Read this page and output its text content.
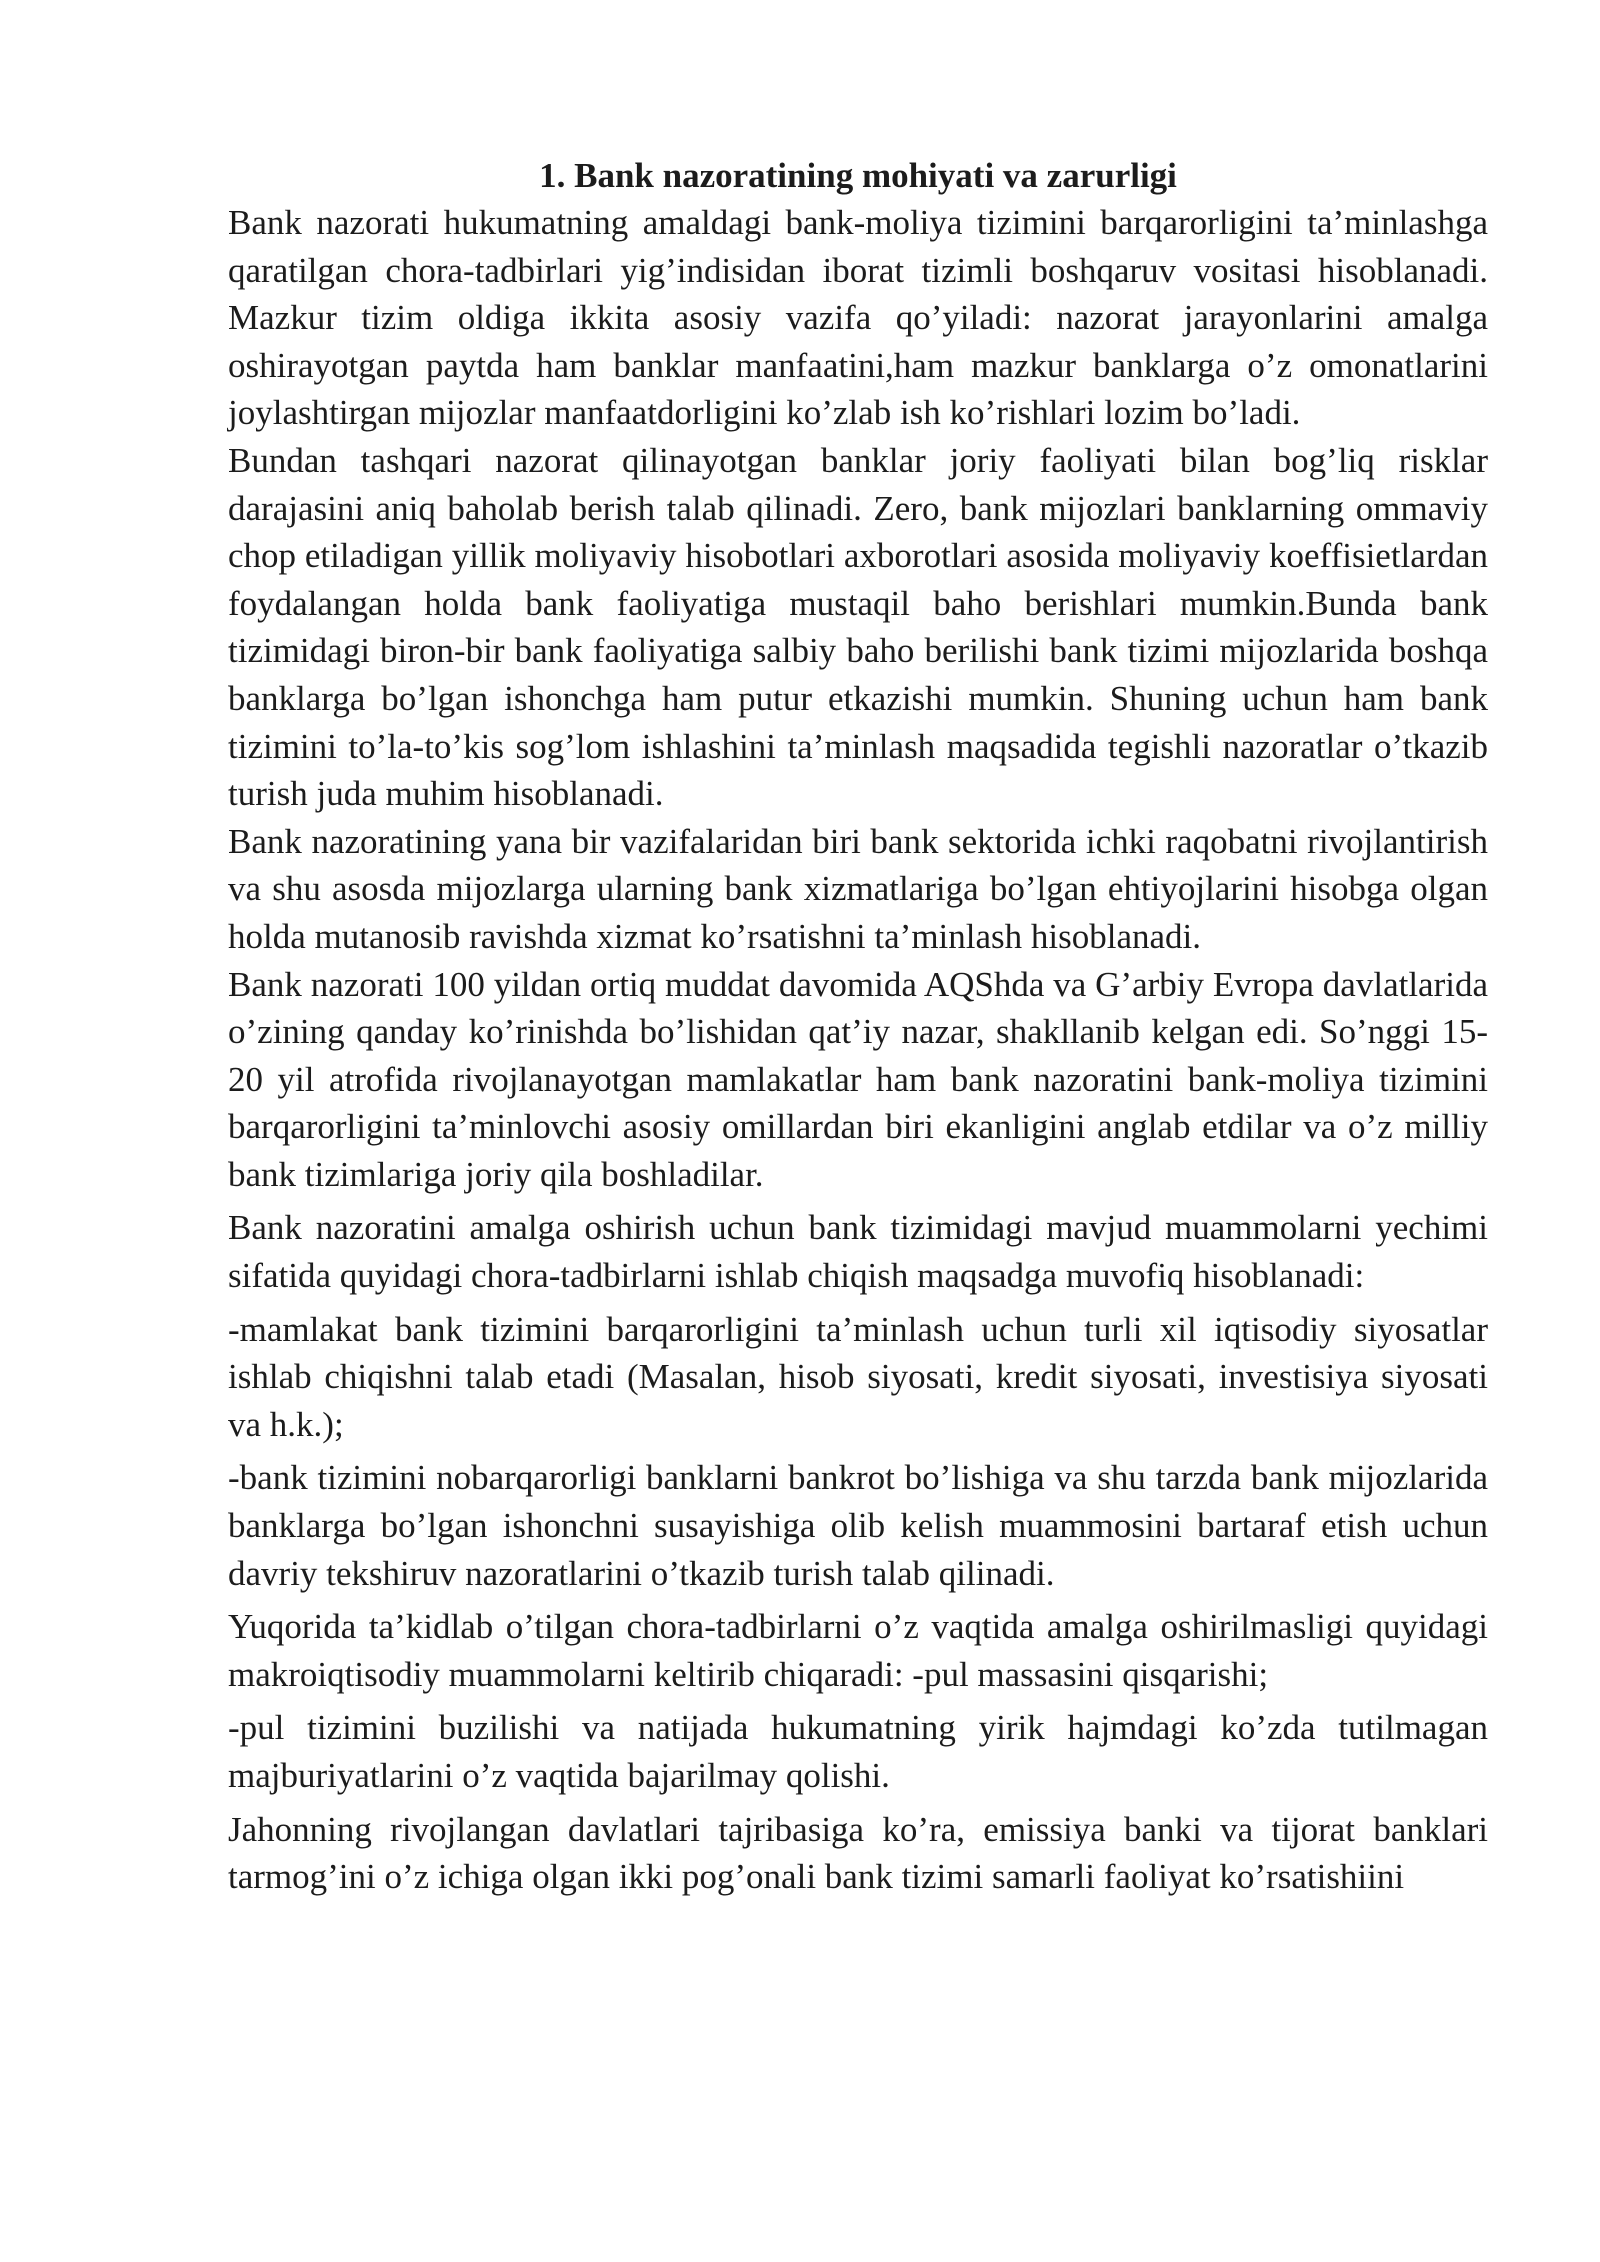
1. Bank nazoratining mohiyati va zarurligi

Bank nazorati hukumatning amaldagi bank-moliya tizimini barqarorligini ta’minlashga qaratilgan chora-tadbirlari yig’indisidan iborat tizimli boshqaruv vositasi hisoblanadi. Mazkur tizim oldiga ikkita asosiy vazifa qo’yiladi: nazorat jarayonlarini amalga oshirayotgan paytda ham banklar manfaatini,ham mazkur banklarga o’z omonatlarini joylashtirgan mijozlar manfaatdorligini ko’zlab ish ko’rishlari lozim bo’ladi.

Bundan tashqari nazorat qilinayotgan banklar joriy faoliyati bilan bog’liq risklar darajasini aniq baholab berish talab qilinadi. Zero, bank mijozlari banklarning ommaviy chop etiladigan yillik moliyaviy hisobotlari axborotlari asosida moliyaviy koeffisietlardan foydalangan holda bank faoliyatiga mustaqil baho berishlari mumkin.Bunda bank tizimidagi biron-bir bank faoliyatiga salbiy baho berilishi bank tizimi mijozlarida boshqa banklarga bo’lgan ishonchga ham putur etkazishi mumkin. Shuning uchun ham bank tizimini to’la-to’kis sog’lom ishlashini ta’minlash maqsadida tegishli nazoratlar o’tkazib turish juda muhim hisoblanadi.

Bank nazoratining yana bir vazifalaridan biri bank sektorida ichki raqobatni rivojlantirish va shu asosda mijozlarga ularning bank xizmatlariga bo’lgan ehtiyojlarini hisobga olgan holda mutanosib ravishda xizmat ko’rsatishni ta’minlash hisoblanadi.

Bank nazorati 100 yildan ortiq muddat davomida AQShda va G’arbiy Evropa davlatlarida o’zining qanday ko’rinishda bo’lishidan qat’iy nazar, shakllanib kelgan edi. So’nggi 15-20 yil atrofida rivojlanayotgan mamlakatlar ham bank nazoratini bank-moliya tizimini barqarorligini ta’minlovchi asosiy omillardan biri ekanligini anglab etdilar va o’z milliy bank tizimlariga joriy qila boshladilar.

Bank nazoratini amalga oshirish uchun bank tizimidagi mavjud muammolarni yechimi sifatida quyidagi chora-tadbirlarni ishlab chiqish maqsadga muvofiq hisoblanadi:

-mamlakat bank tizimini barqarorligini ta’minlash uchun turli xil iqtisodiy siyosatlar ishlab chiqishni talab etadi (Masalan, hisob siyosati, kredit siyosati, investisiya siyosati va h.k.);

-bank tizimini nobarqarorligi banklarni bankrot bo’lishiga va shu tarzda bank mijozlarida banklarga bo’lgan ishonchni susayishiga olib kelish muammosini bartaraf etish uchun davriy tekshiruv nazoratlarini o’tkazib turish talab qilinadi.

Yuqorida ta’kidlab o’tilgan chora-tadbirlarni o’z vaqtida amalga oshirilmasligi quyidagi makroiqtisodiy muammolarni keltirib chiqaradi: -pul massasini qisqarishi;

-pul tizimini buzilishi va natijada hukumatning yirik hajmdagi ko’zda tutilmagan majburiyatlarini o’z vaqtida bajarilmay qolishi.

Jahonning rivojlangan davlatlari tajribasiga ko’ra, emissiya banki va tijorat banklari tarmog’ini o’z ichiga olgan ikki pog’onali bank tizimi samarli faoliyat ko’rsatishiini
